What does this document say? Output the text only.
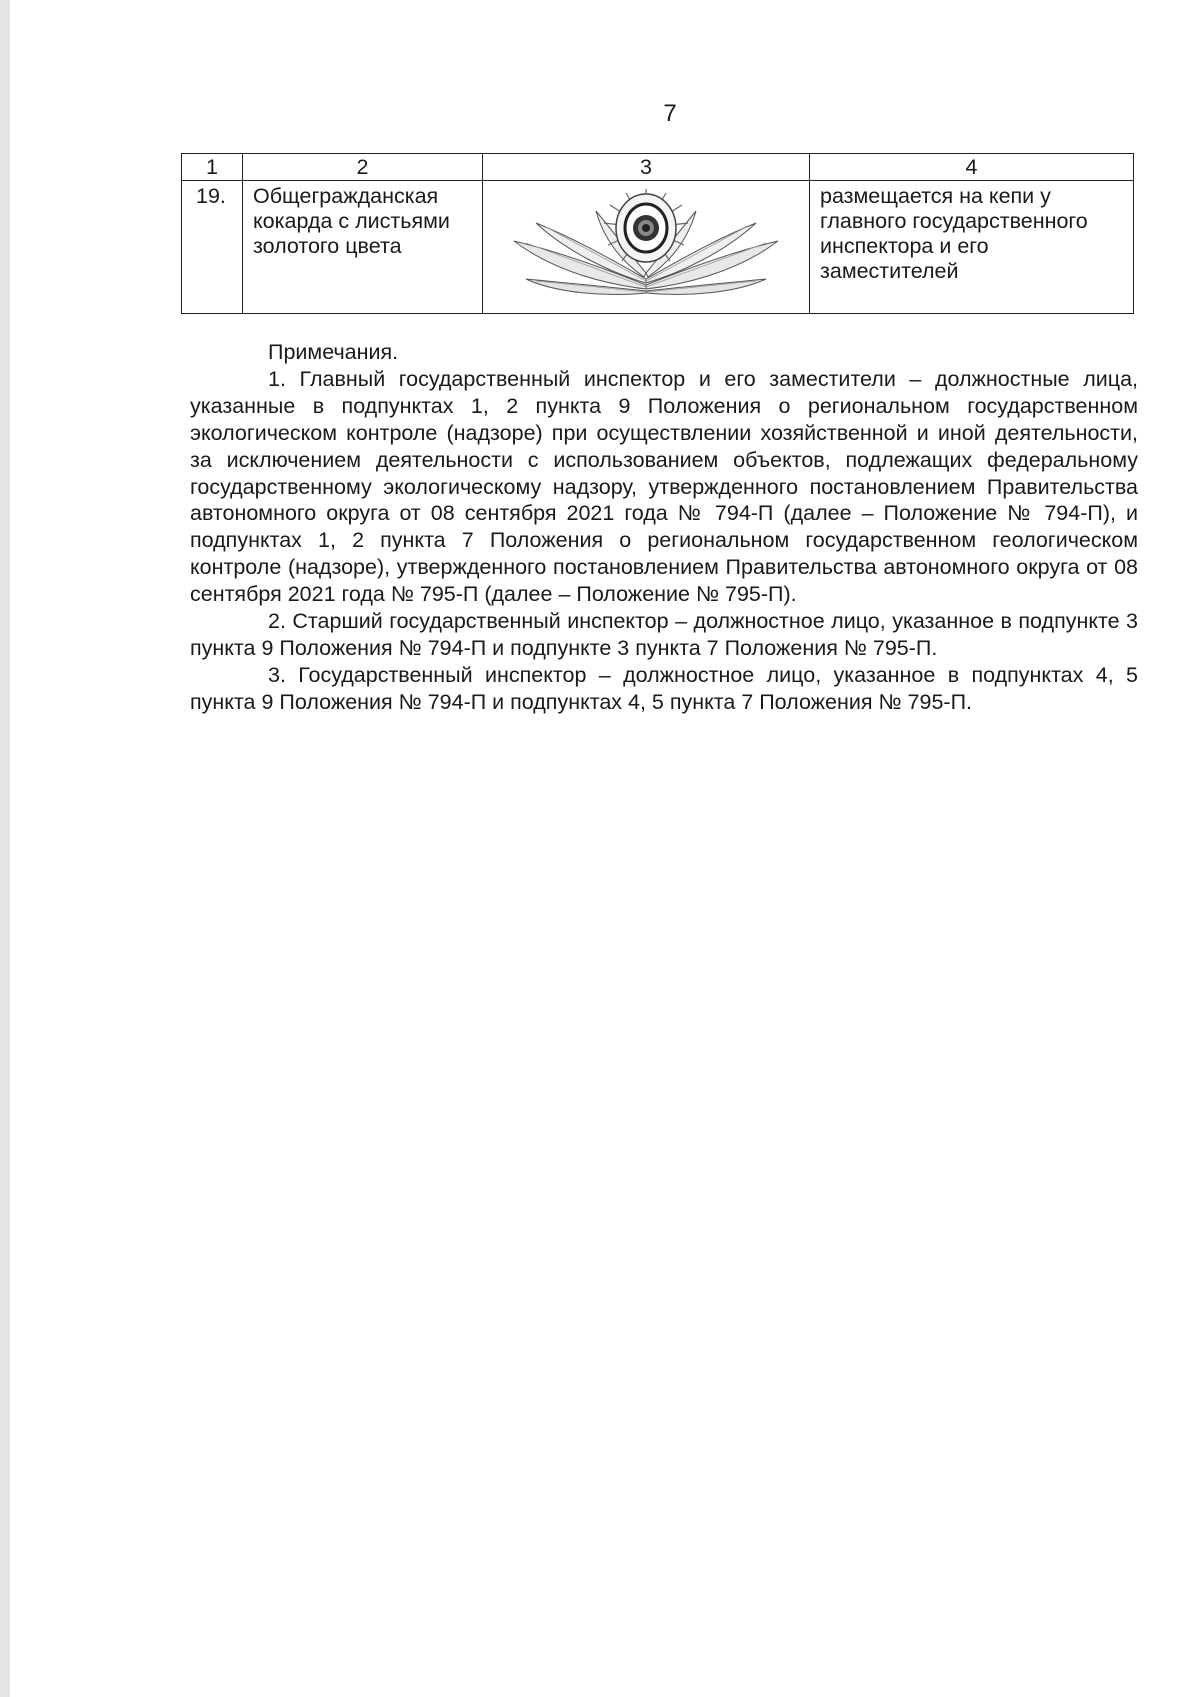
7
1	2	3	4
19.	Общегражданская кокарда с листьями золотого цвета		размещается на кепи у главного государственного инспектора и его заместителей

Примечания.

1. Главный государственный инспектор и его заместители – должностные лица, указанные в подпунктах 1, 2 пункта 9 Положения о региональном государственном экологическом контроле (надзоре) при осуществлении хозяйственной и иной деятельности, за исключением деятельности с использованием объектов, подлежащих федеральному государственному экологическому надзору, утвержденного постановлением Правительства автономного округа от 08 сентября 2021 года № 794-П (далее – Положение № 794-П), и подпунктах 1, 2 пункта 7 Положения о региональном государственном геологическом контроле (надзоре), утвержденного постановлением Правительства автономного округа от 08 сентября 2021 года № 795-П (далее – Положение № 795-П).

2. Старший государственный инспектор – должностное лицо, указанное в подпункте 3 пункта 9 Положения № 794-П и подпункте 3 пункта 7 Положения № 795-П.

3. Государственный инспектор – должностное лицо, указанное в подпунктах 4, 5 пункта 9 Положения № 794-П и подпунктах 4, 5 пункта 7 Положения № 795-П.
